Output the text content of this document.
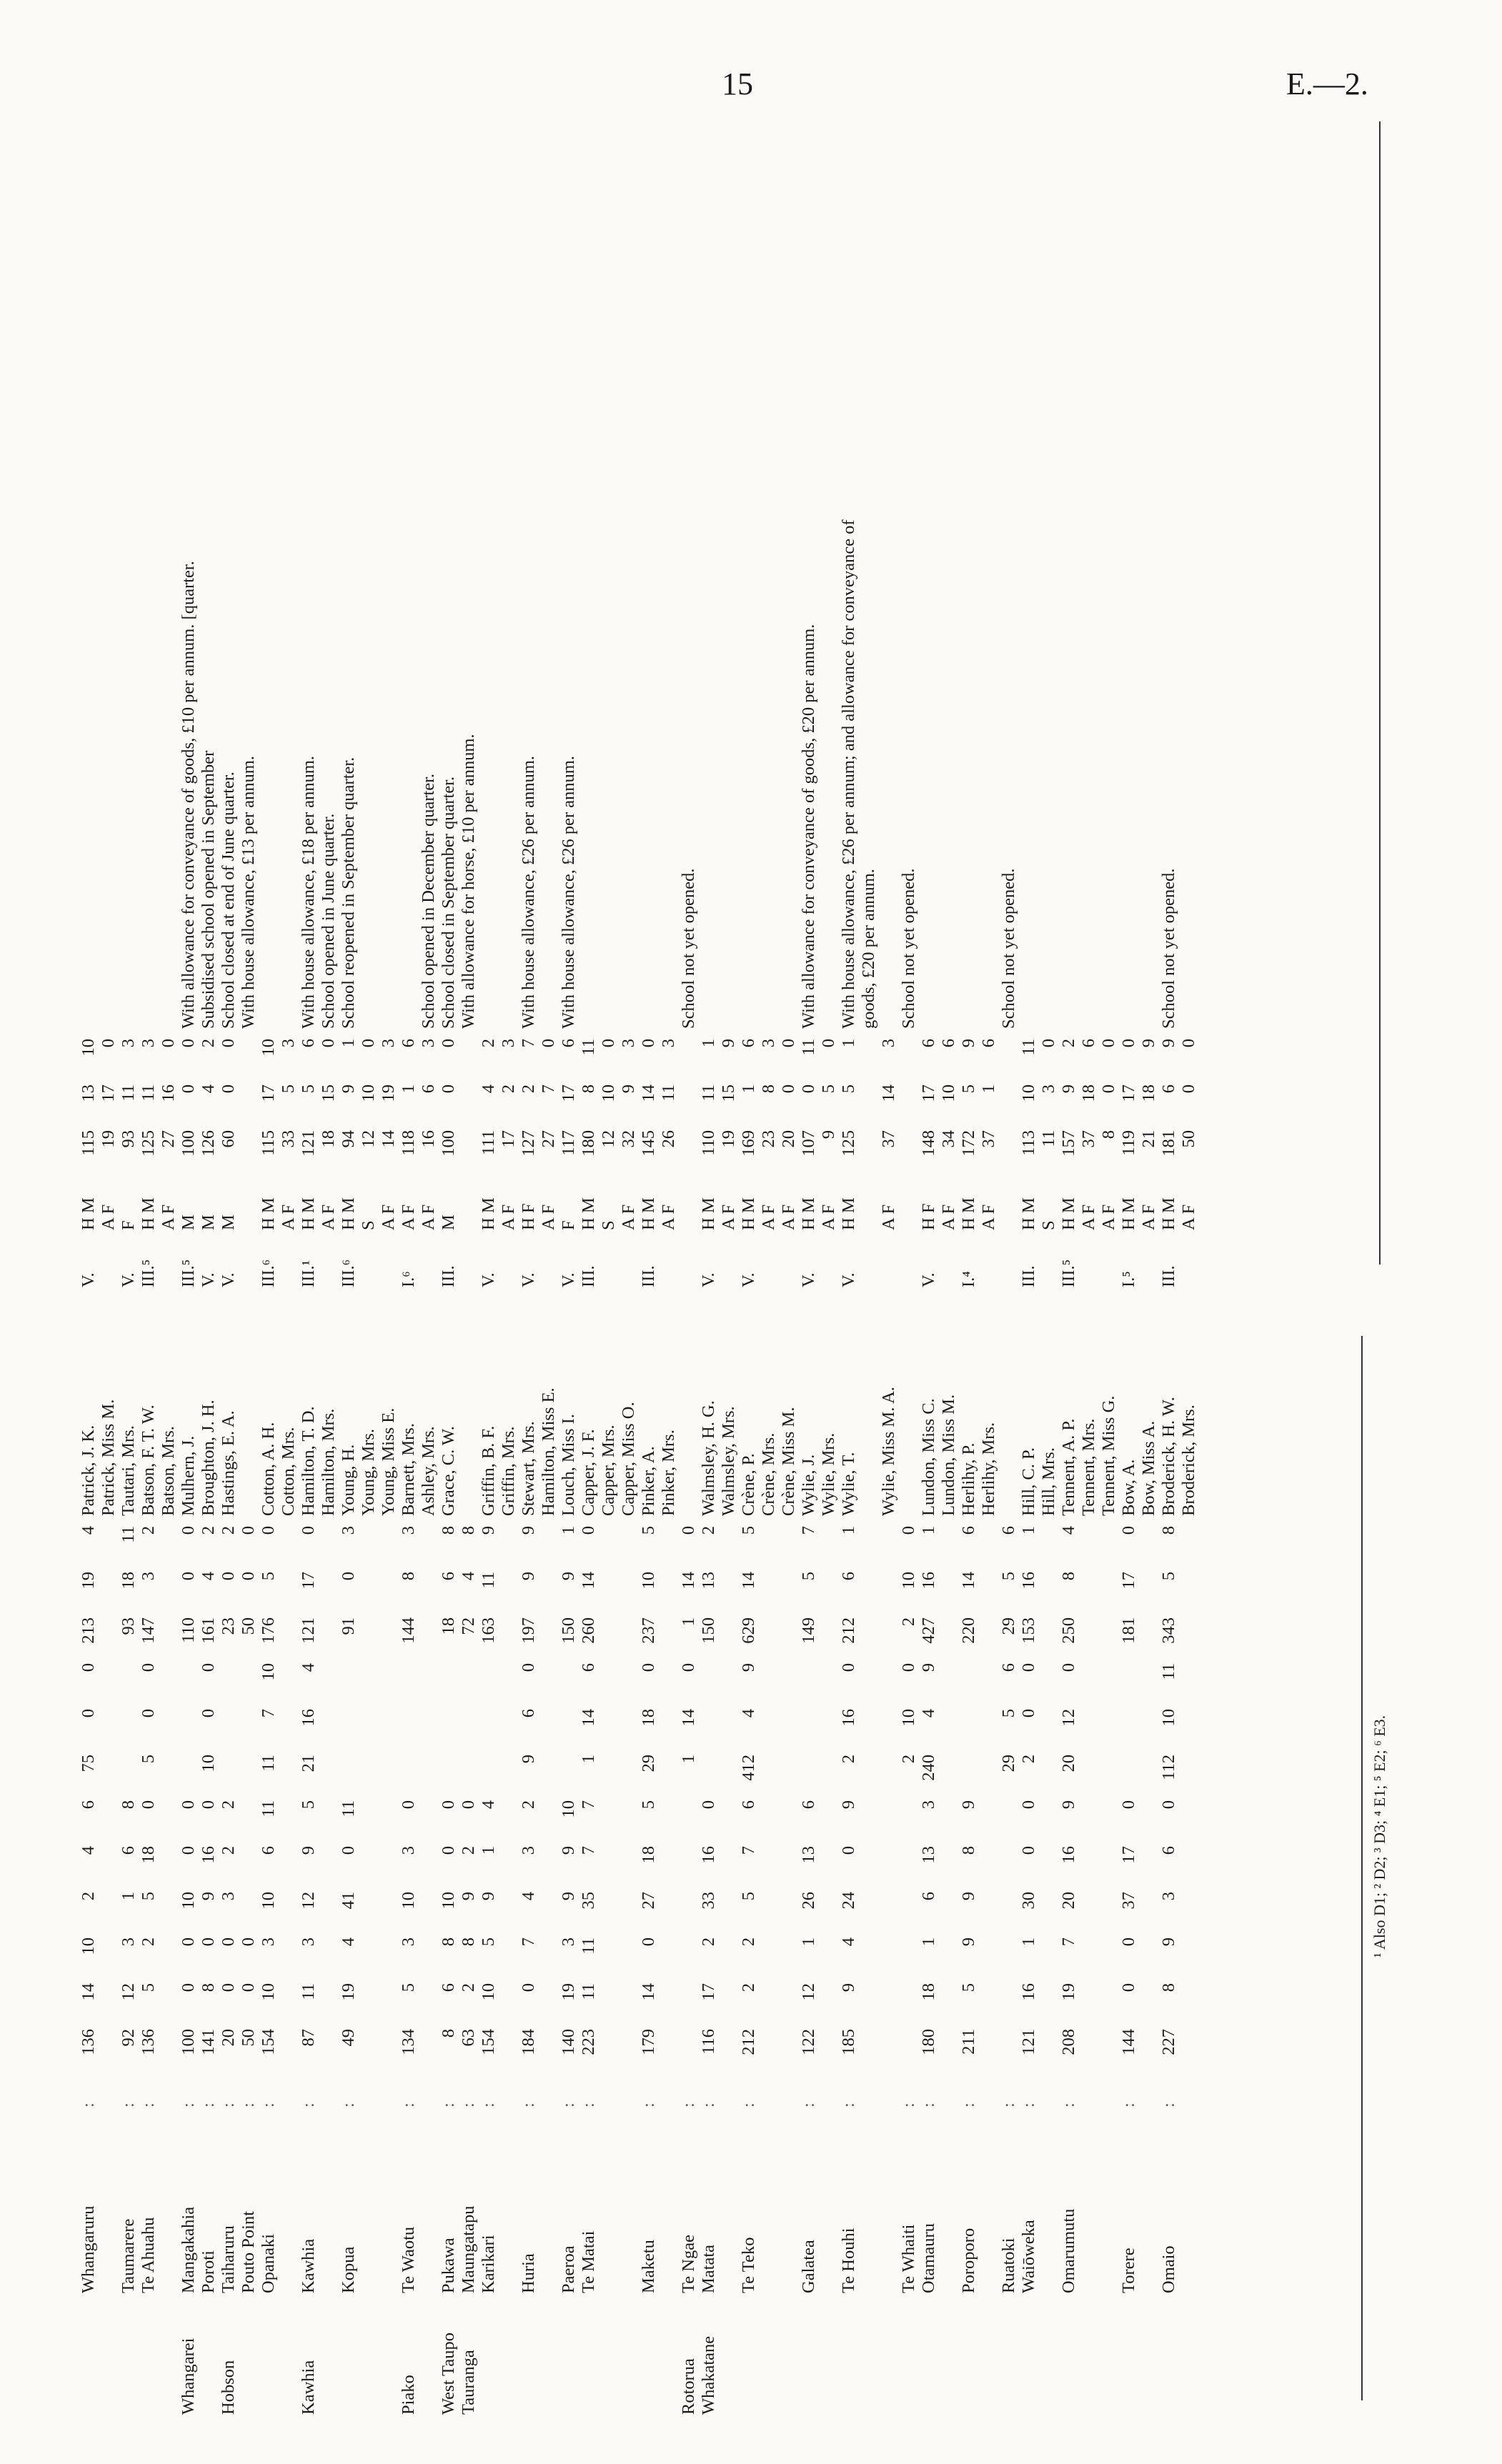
15	E.—2.
	Whangaruru	:	136	14	10	2	4	6	75	0	0	213	19	4	Patrick, J. K.	V.	H M	115	13	10	
															Patrick, Miss M.		A F	19	17	0	
	Taumarere	:	92	12	3	1	6	8				93	18	11	Tautari, Mrs.	V.	F	93	11	3	
	Te Ahuahu	:	136	5	2	5	18	0	5	0	0	147	3	2	Batson, F. T. W.	III.⁵	H M	125	11	3	
															Batson, Mrs.		A F	27	16	0	
Whangarei	Mangakahia	:	100	0	0	10	0	0				110	0	0	Mulhern, J.	III.⁵	M	100	0	0	With allowance for conveyance of goods, £10 per annum. [quarter.
	Poroti	:	141	8	0	9	16	0	10	0	0	161	4	2	Broughton, J. H.	V.	M	126	4	2	Subsidised school opened in September
Hobson	Taiharuru	:	20	0	0	3	2	2				23	0	2	Hastings, E. A.	V.	M	60	0	0	School closed at end of June quarter.
	Pouto Point	:	50	0	0							50	0	0							With house allowance, £13 per annum.
	Opanaki	:	154	10	3	10	6	11	11	7	10	176	5	0	Cotton, A. H.	III.⁶	H M	115	17	10	
															Cotton, Mrs.		A F	33	5	3	
Kawhia	Kawhia	:	87	11	3	12	9	5	21	16	4	121	17	0	Hamilton, T. D.	III.¹	H M	121	5	6	With house allowance, £18 per annum.
															Hamilton, Mrs.		A F	18	15	0	School opened in June quarter.
	Kopua	:	49	19	4	41	0	11				91	0	3	Young, H.	III.⁶	H M	94	9	1	School reopened in September quarter.
															Young, Mrs.		S	12	10	0	
															Young, Miss E.		A F	14	19	3	
Piako	Te Waotu	:	134	5	3	10	3	0				144	8	3	Barnett, Mrs.	I.⁶	A F	118	1	6	
															Ashley, Mrs.		A F	16	6	3	School opened in December quarter.
West Taupo	Pukawa	:	8	6	8	10	0	0				18	6	8	Grace, C. W.	III.	M	100	0	0	School closed in September quarter.
Tauranga	Maungatapu	:	63	2	8	9	2	0				72	4	8							With allowance for horse, £10 per annum.
	Karikari	:	154	10	5	9	1	4				163	11	9	Griffin, B. F.	V.	H M	111	4	2	
															Griffin, Mrs.		A F	17	2	3	
	Huria	:	184	0	7	4	3	2	9	6	0	197	9	9	Stewart, Mrs.	V.	H F	127	2	7	With house allowance, £26 per annum.
															Hamilton, Miss E.		A F	27	7	0	
	Paeroa	:	140	19	3	9	9	10				150	9	1	Louch, Miss I.	V.	F	117	17	6	With house allowance, £26 per annum.
	Te Matai	:	223	11	11	35	7	7	1	14	6	260	14	0	Capper, J. F.	III.	H M	180	8	11	
															Capper, Mrs.		S	12	10	0	
															Capper, Miss O.		A F	32	9	3	
	Maketu	:	179	14	0	27	18	5	29	18	0	237	10	5	Pinker, A.	III.	H M	145	14	0	
															Pinker, Mrs.		A F	26	11	3	
Rotorua	Te Ngae	:							1	14	0	1	14	0							School not yet opened.
Whakatane	Matata	:	116	17	2	33	16	0				150	13	2	Walmsley, H. G.	V.	H M	110	11	1	
															Walmsley, Mrs.		A F	19	15	9	
	Te Teko	:	212	2	2	5	7	6	412	4	9	629	14	5	Crène, P.	V.	H M	169	1	6	
															Crène, Mrs.		A F	23	8	3	
															Crène, Miss M.		A F	20	0	0	
	Galatea	:	122	12	1	26	13	6				149	5	7	Wylie, J.	V.	H M	107	0	11	With allowance for conveyance of goods, £20 per annum.
															Wylie, Mrs.		A F	9	5	0	
	Te Houhi	:	185	9	4	24	0	9	2	16	0	212	6	1	Wylie, T.	V.	H M	125	5	1	With house allowance, £26 per annum; and allowance for conveyance of goods, £20 per annum.
															Wylie, Miss M. A.		A F	37	14	3	
	Te Whaiti	:							2	10	0	2	10	0							School not yet opened.
	Otamauru	:	180	18	1	6	13	3	240	4	9	427	16	1	Lundon, Miss C.	V.	H F	148	17	6	
															Lundon, Miss M.		A F	34	10	6	
	Poroporo	:	211	5	9	9	8	9				220	14	6	Herlihy, P.	I.⁴	H M	172	5	9	
															Herlihy, Mrs.		A F	37	1	6	
	Ruatoki	:							29	5	6	29	5	6							School not yet opened.
	Waiōweka	:	121	16	1	30	0	0	2	0	0	153	16	1	Hill, C. P.	III.	H M	113	10	11	
															Hill, Mrs.		S	11	3	0	
	Omarumutu	:	208	19	7	20	16	9	20	12	0	250	8	4	Tennent, A. P.	III.⁵	H M	157	9	2	
															Tennent, Mrs.		A F	37	18	6	
															Tennent, Miss G.		A F	8	0	0	
	Torere	:	144	0	0	37	17	0				181	17	0	Bow, A.	I.⁵	H M	119	17	0	
															Bow, Miss A.		A F	21	18	9	
	Omaio	:	227	8	9	3	6	0	112	10	11	343	5	8	Broderick, H. W.	III.	H M	181	6	9	School not yet opened.
															Broderick, Mrs.		A F	50	0	0	
¹ Also D1; ² D2; ³ D3; ⁴ E1; ⁵ E2; ⁶ E3.
